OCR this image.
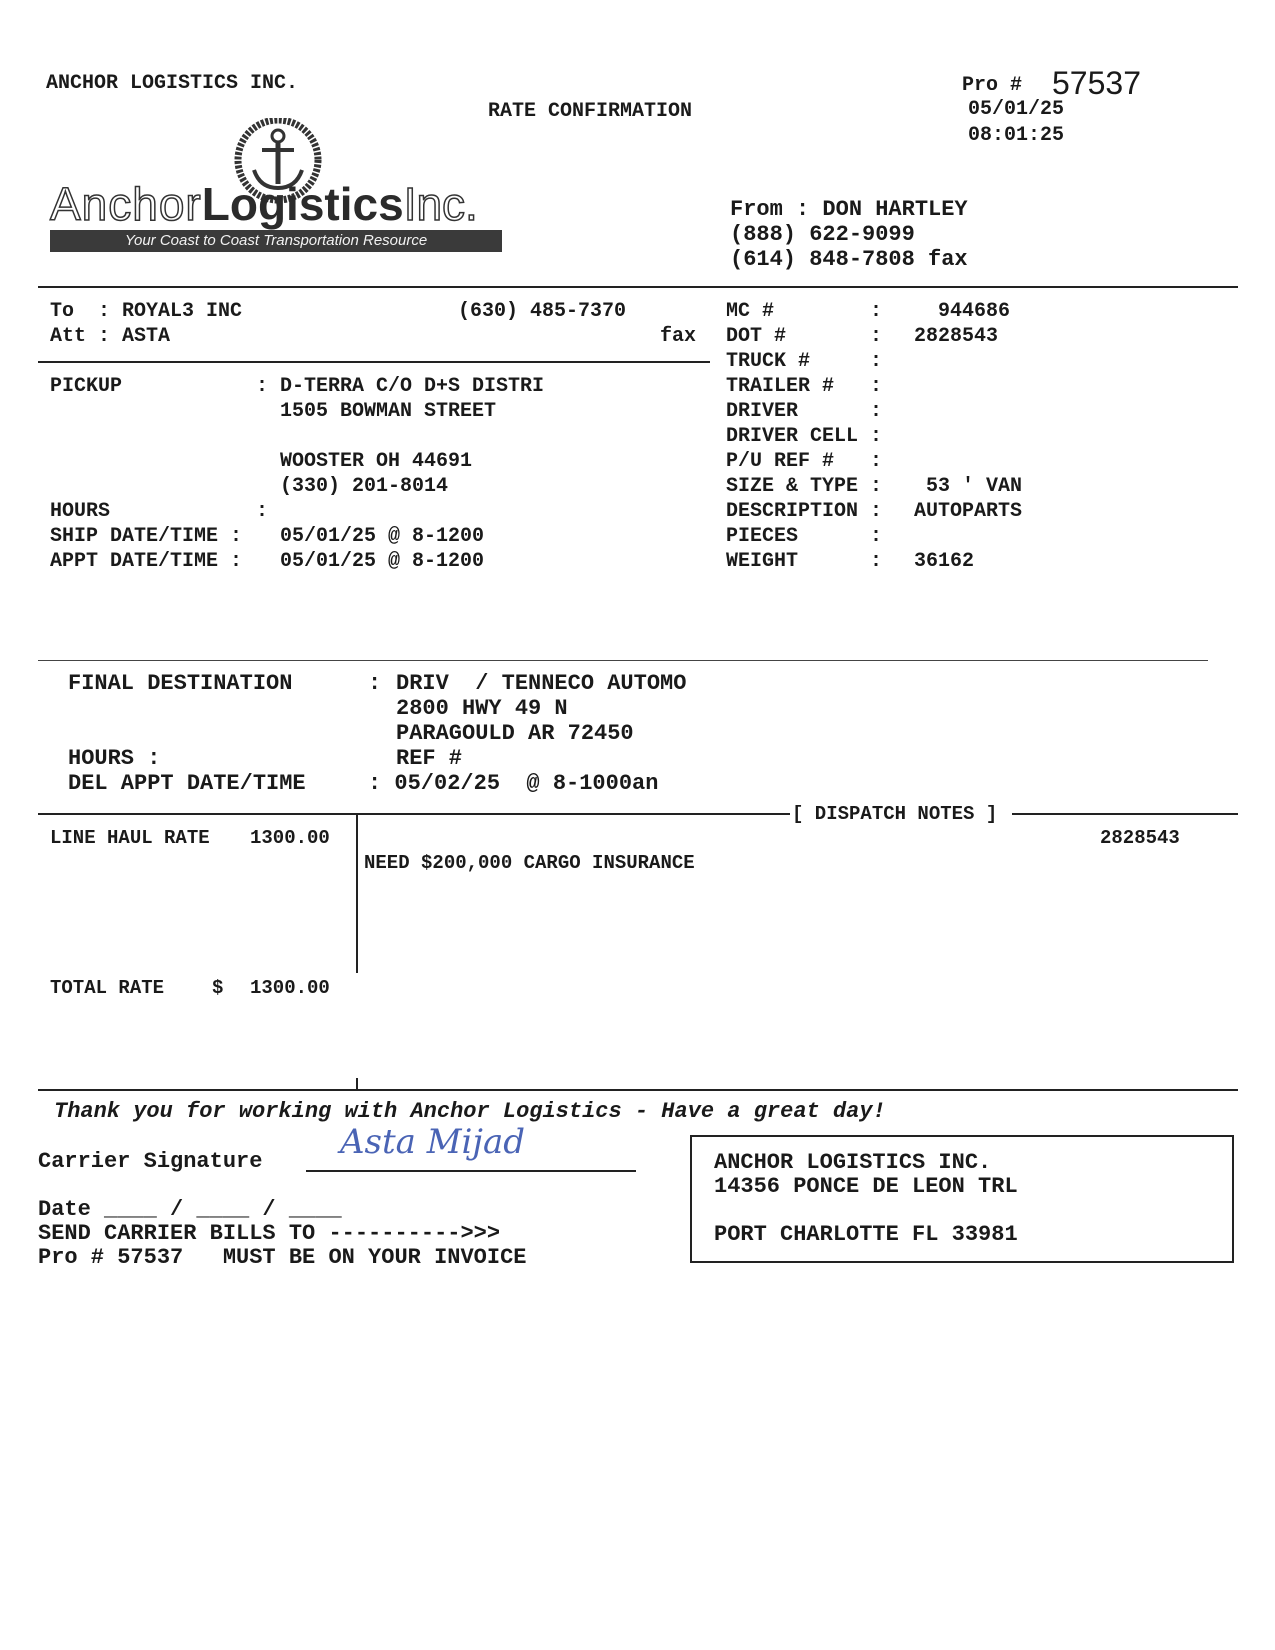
ANCHOR LOGISTICS INC.
RATE CONFIRMATION
Pro # 57537
05/01/25
08:01:25
AnchorLogisticsInc.
Your Coast to Coast Transportation Resource
From : DON HARTLEY
(888) 622-9099
(614) 848-7808 fax
To  : ROYAL3 INC	(630) 485-7370
Att : ASTA	fax
MC #        : 944686
DOT #       : 2828543
TRUCK #     :
TRAILER #   :
DRIVER      :
DRIVER CELL :
P/U REF #   :
SIZE & TYPE : 53 ' VAN
DESCRIPTION : AUTOPARTS
PIECES      :
WEIGHT      : 36162
PICKUP	: D-TERRA C/O D+S DISTRI
1505 BOWMAN STREET
WOOSTER OH 44691
(330) 201-8014
HOURS	:
SHIP DATE/TIME : 05/01/25 @ 8-1200
APPT DATE/TIME : 05/01/25 @ 8-1200
FINAL DESTINATION	: DRIV  / TENNECO AUTOMO
2800 HWY 49 N
PARAGOULD AR 72450
HOURS :	REF #
DEL APPT DATE/TIME	: 05/02/25  @ 8-1000an
[ DISPATCH NOTES ]
LINE HAUL RATE 1300.00	2828543
NEED $200,000 CARGO INSURANCE
TOTAL RATE	$ 1300.00
Thank you for working with Anchor Logistics - Have a great day!
Carrier Signature Asta Mijad
Date ____ / ____ / ____
SEND CARRIER BILLS TO ---------->>>
Pro # 57537   MUST BE ON YOUR INVOICE
ANCHOR LOGISTICS INC.
14356 PONCE DE LEON TRL
PORT CHARLOTTE FL 33981
